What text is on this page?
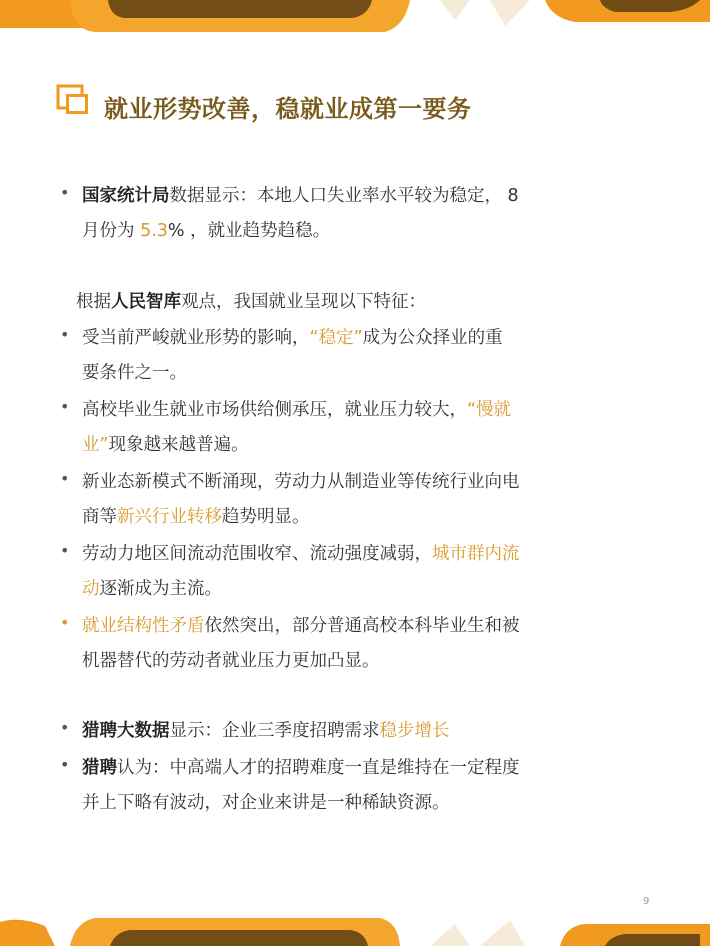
就业形势改善，稳就业成第一要务
• 国家统计局数据显示：本地人口失业率水平较为稳定， 8
月份为 5.3% ，就业趋势趋稳。
根据人民智库观点，我国就业呈现以下特征：
• 受当前严峻就业形势的影响，“稳定”成为公众择业的重
要条件之一。
• 高校毕业生就业市场供给侧承压，就业压力较大，“慢就
业”现象越来越普遍。
• 新业态新模式不断涌现，劳动力从制造业等传统行业向电
商等新兴行业转移趋势明显。
• 劳动力地区间流动范围收窄、流动强度减弱，城市群内流
动逐渐成为主流。
• 就业结构性矛盾依然突出，部分普通高校本科毕业生和被
机器替代的劳动者就业压力更加凸显。
• 猎聘大数据显示：企业三季度招聘需求稳步增长
• 猎聘认为：中高端人才的招聘难度一直是维持在一定程度
并上下略有波动，对企业来讲是一种稀缺资源。
9
